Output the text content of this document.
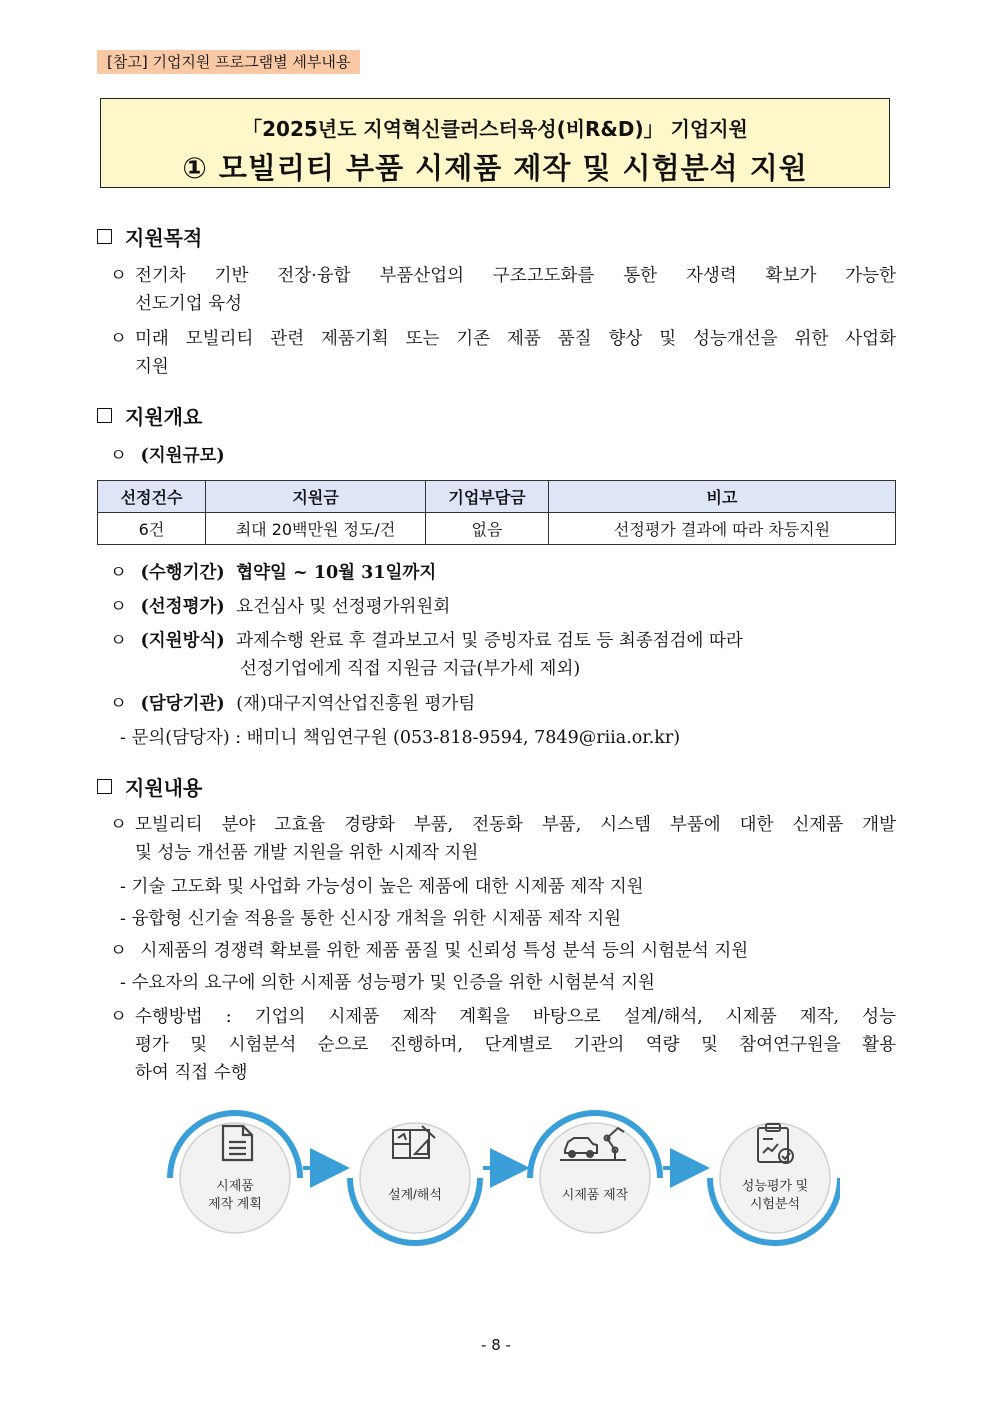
[참고] 기업지원 프로그램별 세부내용
「2025년도 지역혁신클러스터육성(비R&D)」 기업지원
① 모빌리티 부품 시제품 제작 및 시험분석 지원
지원목적
ㅇ 전기차 기반 전장·융합 부품산업의 구조고도화를 통한 자생력 확보가 가능한
선도기업 육성
ㅇ 미래 모빌리티 관련 제품기획 또는 기존 제품 품질 향상 및 성능개선을 위한 사업화
지원
지원개요
ㅇ (지원규모)
선정건수	지원금	기업부담금	비고
6건	최대 20백만원 정도/건	없음	선정평가 결과에 따라 차등지원
ㅇ (수행기간) 협약일 ~ 10월 31일까지
ㅇ (선정평가) 요건심사 및 선정평가위원회
ㅇ (지원방식) 과제수행 완료 후 결과보고서 및 증빙자료 검토 등 최종점검에 따라
선정기업에게 직접 지원금 지급(부가세 제외)
ㅇ (담당기관) (재)대구지역산업진흥원 평가팀
- 문의(담당자) : 배미니 책임연구원 (053-818-9594, 7849@riia.or.kr)
지원내용
ㅇ 모빌리티 분야 고효율 경량화 부품, 전동화 부품, 시스템 부품에 대한 신제품 개발
및 성능 개선품 개발 지원을 위한 시제작 지원
- 기술 고도화 및 사업화 가능성이 높은 제품에 대한 시제품 제작 지원
- 융합형 신기술 적용을 통한 신시장 개척을 위한 시제품 제작 지원
ㅇ 시제품의 경쟁력 확보를 위한 제품 품질 및 신뢰성 특성 분석 등의 시험분석 지원
- 수요자의 요구에 의한 시제품 성능평가 및 인증을 위한 시험분석 지원
ㅇ 수행방법 : 기업의 시제품 제작 계획을 바탕으로 설계/해석, 시제품 제작, 성능
평가 및 시험분석 순으로 진행하며, 단계별로 기관의 역량 및 참여연구원을 활용
하여 직접 수행
시제품
제작 계획
설계/해석	시제품 제작
성능평가 및
시험분석
- 8 -
